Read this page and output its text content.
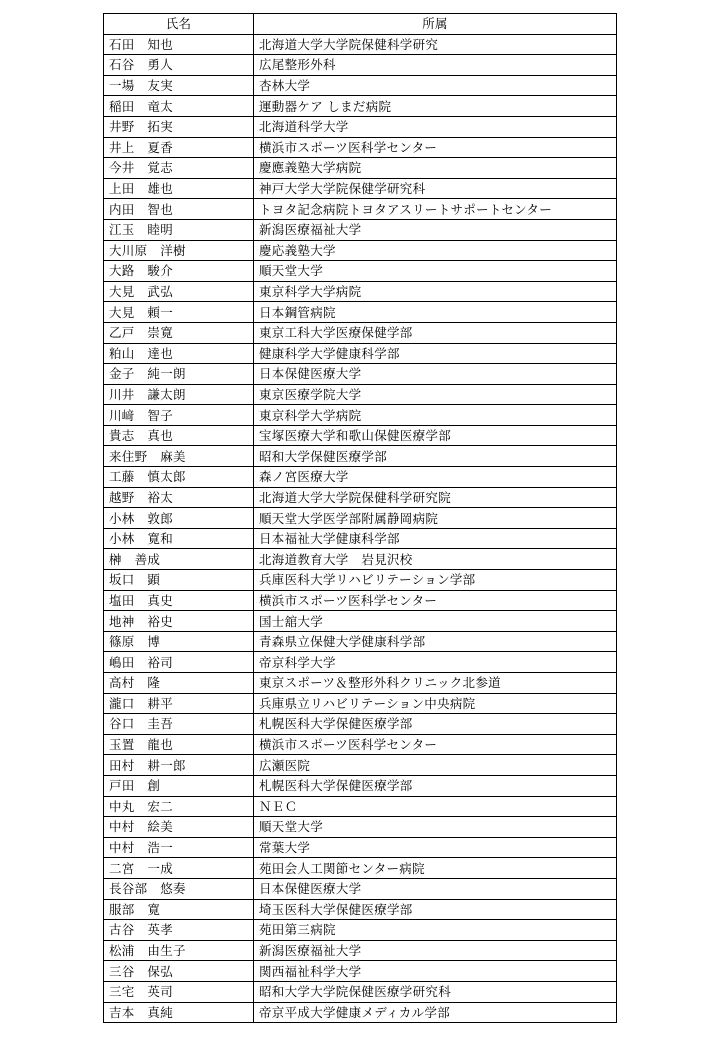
氏名	所属
石田　知也	北海道大学大学院保健科学研究
石谷　勇人	広尾整形外科
一場　友実	杏林大学
稲田　竜太	運動器ケア しまだ病院
井野　拓実	北海道科学大学
井上　夏香	横浜市スポーツ医科学センター
今井　覚志	慶應義塾大学病院
上田　雄也	神戸大学大学院保健学研究科
内田　智也	トヨタ記念病院トヨタアスリートサポートセンター
江玉　睦明	新潟医療福祉大学
大川原　洋樹	慶応義塾大学
大路　駿介	順天堂大学
大見　武弘	東京科学大学病院
大見　頼一	日本鋼管病院
乙戸　崇寛	東京工科大学医療保健学部
粕山　達也	健康科学大学健康科学部
金子　純一朗	日本保健医療大学
川井　謙太朗	東京医療学院大学
川﨑　智子	東京科学大学病院
貴志　真也	宝塚医療大学和歌山保健医療学部
来住野　麻美	昭和大学保健医療学部
工藤　慎太郎	森ノ宮医療大学
越野　裕太	北海道大学大学院保健科学研究院
小林　敦郎	順天堂大学医学部附属静岡病院
小林　寛和	日本福祉大学健康科学部
榊　善成	北海道教育大学　岩見沢校
坂口　顕	兵庫医科大学リハビリテーション学部
塩田　真史	横浜市スポーツ医科学センター
地神　裕史	国士舘大学
篠原　博	青森県立保健大学健康科学部
嶋田　裕司	帝京科学大学
高村　隆	東京スポーツ＆整形外科クリニック北参道
瀧口　耕平	兵庫県立リハビリテーション中央病院
谷口　圭吾	札幌医科大学保健医療学部
玉置　龍也	横浜市スポーツ医科学センター
田村　耕一郎	広瀬医院
戸田　創	札幌医科大学保健医療学部
中丸　宏二	ＮＥＣ
中村　絵美	順天堂大学
中村　浩一	常葉大学
二宮　一成	苑田会人工関節センター病院
長谷部　悠奏	日本保健医療大学
服部　寛	埼玉医科大学保健医療学部
古谷　英孝	苑田第三病院
松浦　由生子	新潟医療福祉大学
三谷　保弘	関西福祉科学大学
三宅　英司	昭和大学大学院保健医療学研究科
吉本　真純	帝京平成大学健康メディカル学部
